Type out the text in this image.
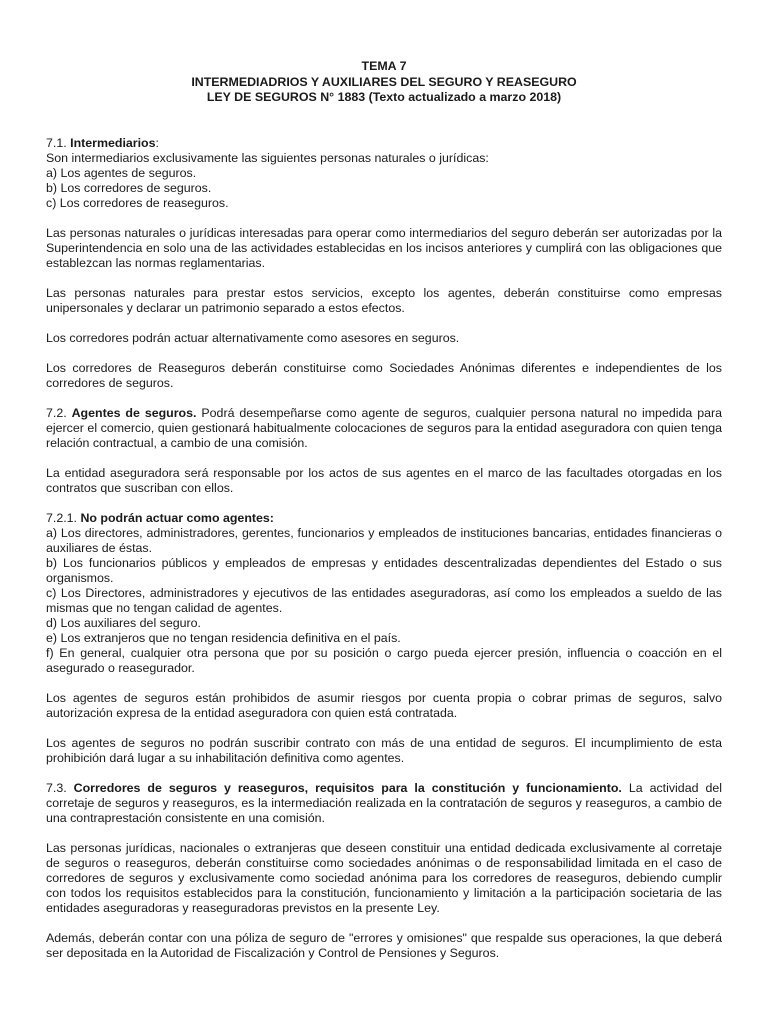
TEMA 7
INTERMEDIADRIOS Y AUXILIARES DEL SEGURO Y REASEGURO
LEY DE SEGUROS N° 1883 (Texto actualizado a marzo 2018)

7.1. Intermediarios:
Son intermediarios exclusivamente las siguientes personas naturales o jurídicas:
a) Los agentes de seguros.
b) Los corredores de seguros.
c) Los corredores de reaseguros.

Las personas naturales o jurídicas interesadas para operar como intermediarios del seguro deberán ser autorizadas por la Superintendencia en solo una de las actividades establecidas en los incisos anteriores y cumplirá con las obligaciones que establezcan las normas reglamentarias.

Las personas naturales para prestar estos servicios, excepto los agentes, deberán constituirse como empresas unipersonales y declarar un patrimonio separado a estos efectos.

Los corredores podrán actuar alternativamente como asesores en seguros.

Los corredores de Reaseguros deberán constituirse como Sociedades Anónimas diferentes e independientes de los corredores de seguros.

7.2. Agentes de seguros. Podrá desempeñarse como agente de seguros, cualquier persona natural no impedida para ejercer el comercio, quien gestionará habitualmente colocaciones de seguros para la entidad aseguradora con quien tenga relación contractual, a cambio de una comisión.

La entidad aseguradora será responsable por los actos de sus agentes en el marco de las facultades otorgadas en los contratos que suscriban con ellos.

7.2.1. No podrán actuar como agentes:
a) Los directores, administradores, gerentes, funcionarios y empleados de instituciones bancarias, entidades financieras o auxiliares de éstas.
b) Los funcionarios públicos y empleados de empresas y entidades descentralizadas dependientes del Estado o sus organismos.
c) Los Directores, administradores y ejecutivos de las entidades aseguradoras, así como los empleados a sueldo de las mismas que no tengan calidad de agentes.
d) Los auxiliares del seguro.
e) Los extranjeros que no tengan residencia definitiva en el país.
f) En general, cualquier otra persona que por su posición o cargo pueda ejercer presión, influencia o coacción en el asegurado o reasegurador.

Los agentes de seguros están prohibidos de asumir riesgos por cuenta propia o cobrar primas de seguros, salvo autorización expresa de la entidad aseguradora con quien está contratada.

Los agentes de seguros no podrán suscribir contrato con más de una entidad de seguros. El incumplimiento de esta prohibición dará lugar a su inhabilitación definitiva como agentes.

7.3. Corredores de seguros y reaseguros, requisitos para la constitución y funcionamiento. La actividad del corretaje de seguros y reaseguros, es la intermediación realizada en la contratación de seguros y reaseguros, a cambio de una contraprestación consistente en una comisión.

Las personas jurídicas, nacionales o extranjeras que deseen constituir una entidad dedicada exclusivamente al corretaje de seguros o reaseguros, deberán constituirse como sociedades anónimas o de responsabilidad limitada en el caso de corredores de seguros y exclusivamente como sociedad anónima para los corredores de reaseguros, debiendo cumplir con todos los requisitos establecidos para la constitución, funcionamiento y limitación a la participación societaria de las entidades aseguradoras y reaseguradoras previstos en la presente Ley.

Además, deberán contar con una póliza de seguro de "errores y omisiones" que respalde sus operaciones, la que deberá ser depositada en la Autoridad de Fiscalización y Control de Pensiones y Seguros.
